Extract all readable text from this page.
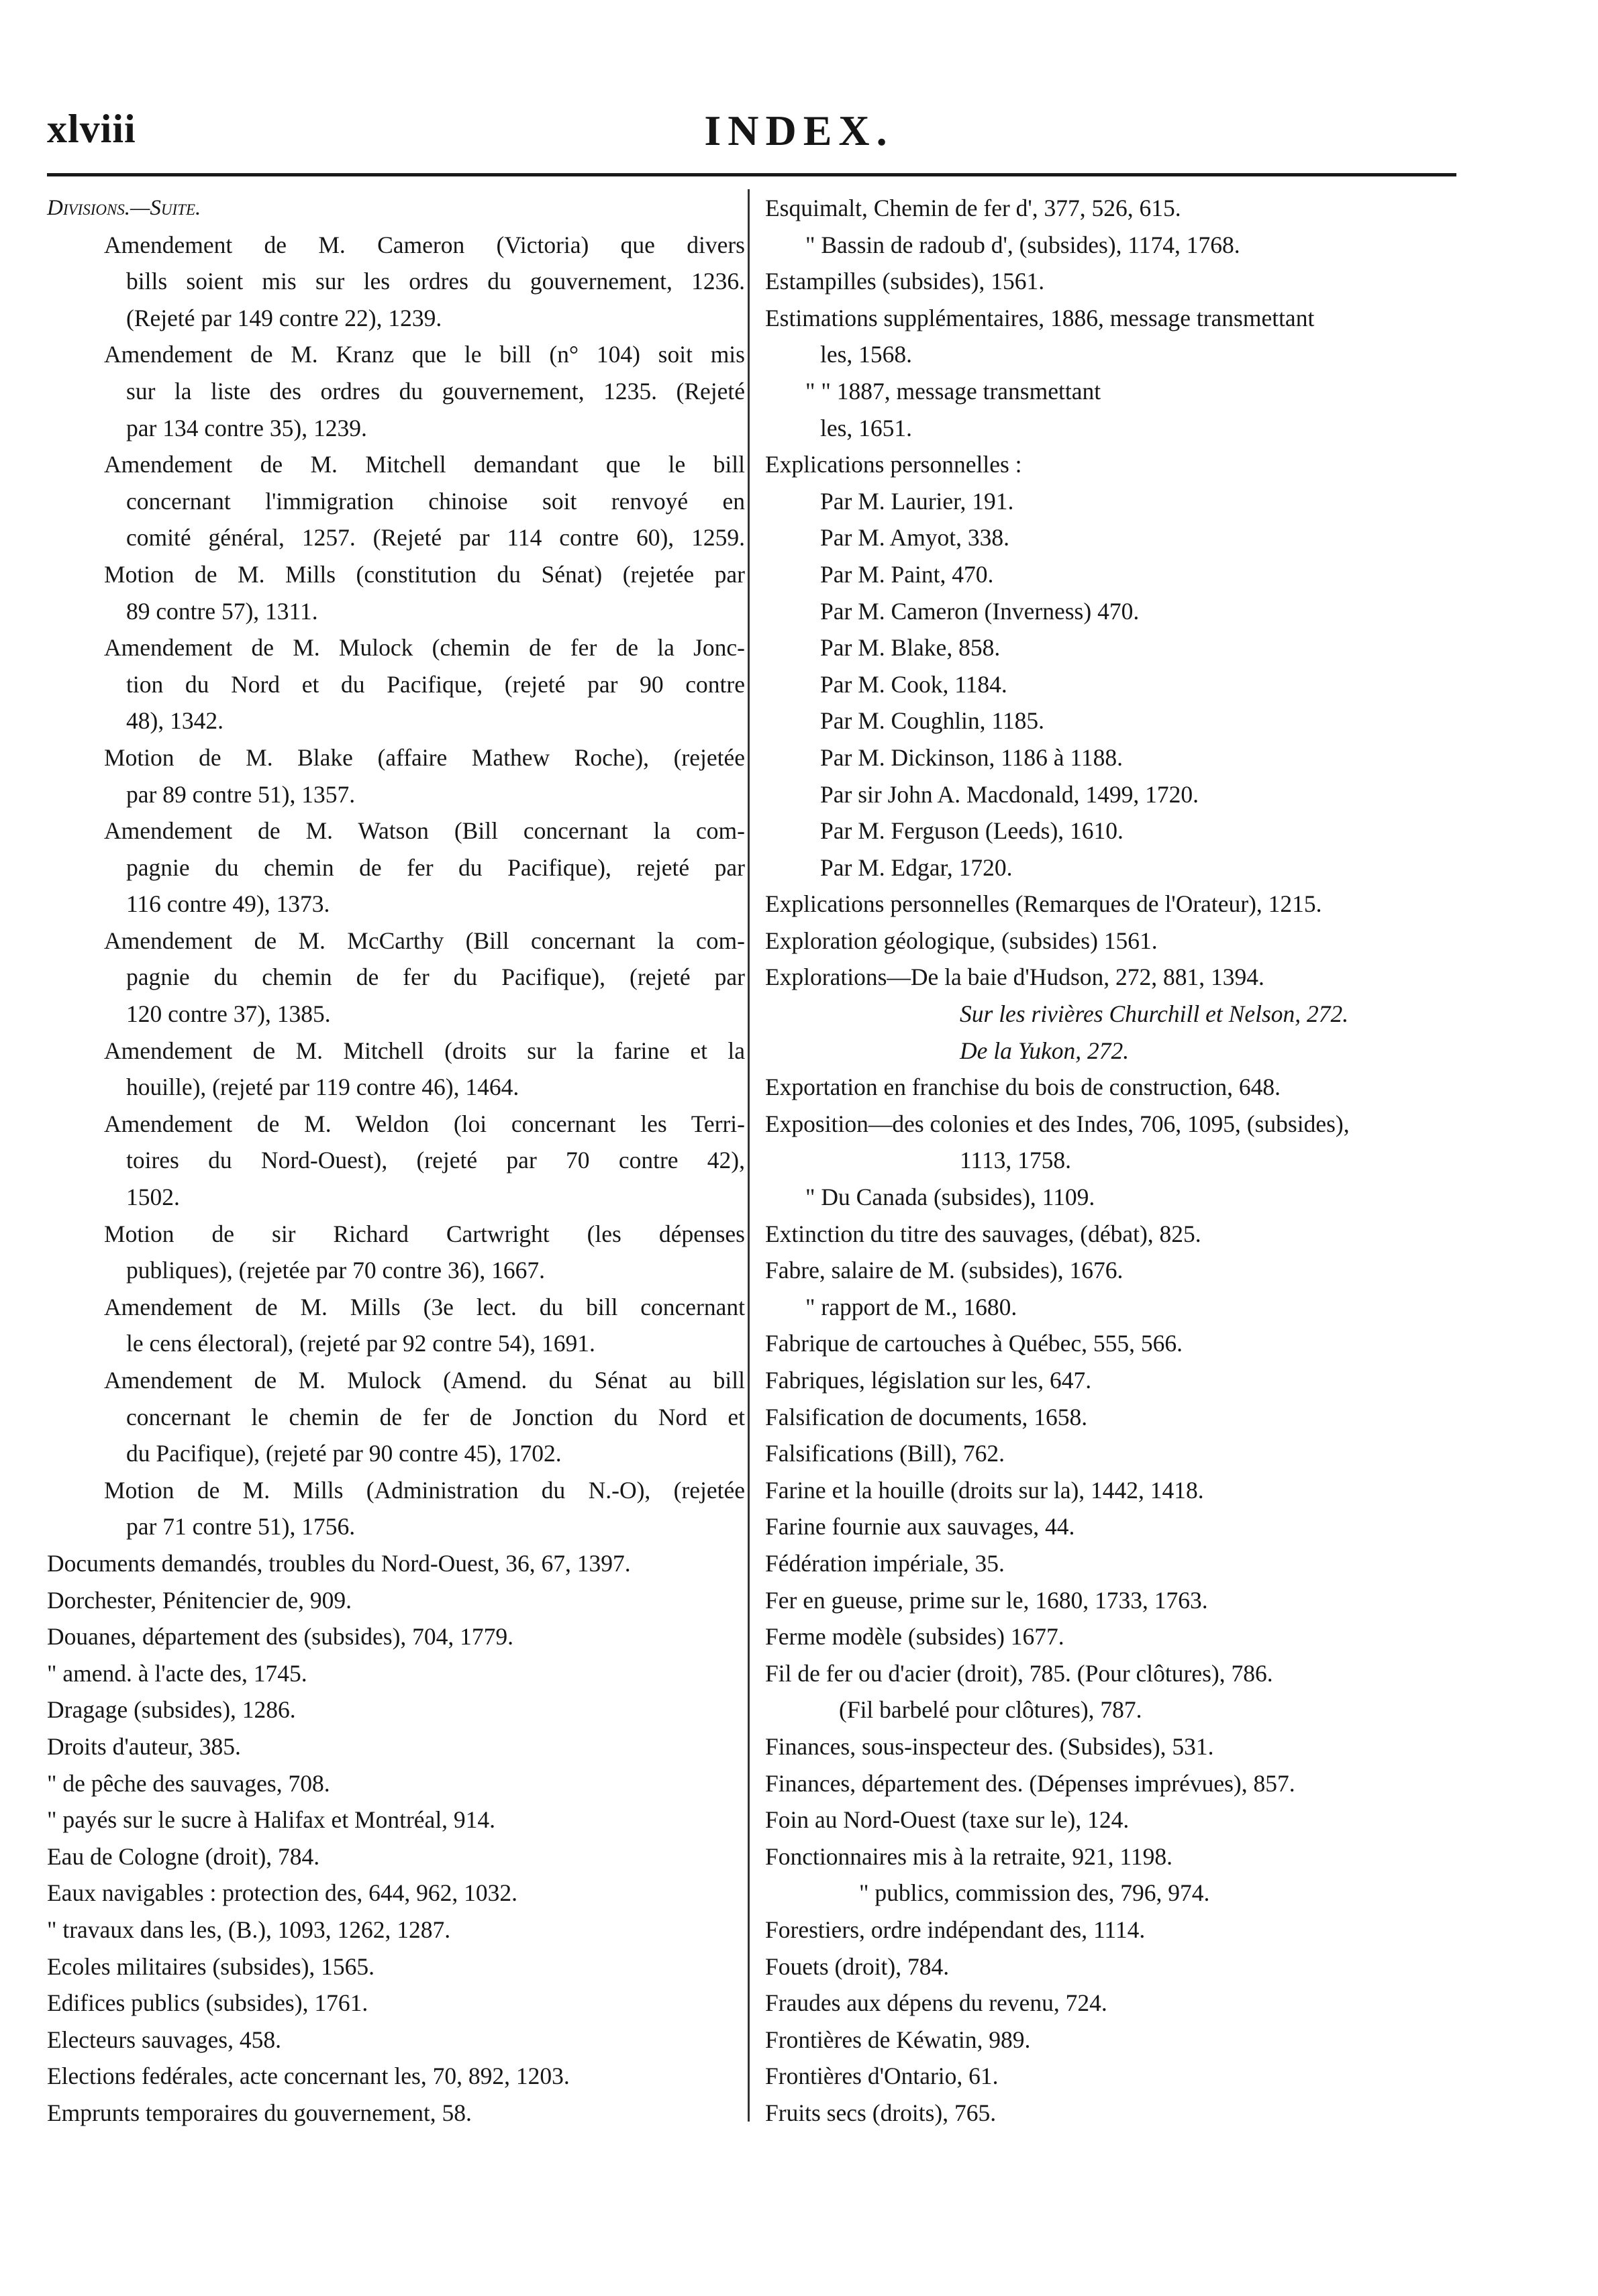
xlviii	INDEX.
Divisions.—Suite.
Amendement de M. Cameron (Victoria) que divers
bills soient mis sur les ordres du gouvernement, 1236.
(Rejeté par 149 contre 22), 1239.
Amendement de M. Kranz que le bill (n° 104) soit mis
sur la liste des ordres du gouvernement, 1235. (Rejeté
par 134 contre 35), 1239.
Amendement de M. Mitchell demandant que le bill
concernant l'immigration chinoise soit renvoyé en
comité général, 1257. (Rejeté par 114 contre 60), 1259.
Motion de M. Mills (constitution du Sénat) (rejetée par
89 contre 57), 1311.
Amendement de M. Mulock (chemin de fer de la Jonc-
tion du Nord et du Pacifique, (rejeté par 90 contre
48), 1342.
Motion de M. Blake (affaire Mathew Roche), (rejetée
par 89 contre 51), 1357.
Amendement de M. Watson (Bill concernant la com-
pagnie du chemin de fer du Pacifique), rejeté par
116 contre 49), 1373.
Amendement de M. McCarthy (Bill concernant la com-
pagnie du chemin de fer du Pacifique), (rejeté par
120 contre 37), 1385.
Amendement de M. Mitchell (droits sur la farine et la
houille), (rejeté par 119 contre 46), 1464.
Amendement de M. Weldon (loi concernant les Terri-
toires du Nord-Ouest), (rejeté par 70 contre 42),
1502.
Motion de sir Richard Cartwright (les dépenses
publiques), (rejetée par 70 contre 36), 1667.
Amendement de M. Mills (3e lect. du bill concernant
le cens électoral), (rejeté par 92 contre 54), 1691.
Amendement de M. Mulock (Amend. du Sénat au bill
concernant le chemin de fer de Jonction du Nord et
du Pacifique), (rejeté par 90 contre 45), 1702.
Motion de M. Mills (Administration du N.-O), (rejetée
par 71 contre 51), 1756.
Documents demandés, troubles du Nord-Ouest, 36, 67, 1397.
Dorchester, Pénitencier de, 909.
Douanes, département des (subsides), 704, 1779.
" amend. à l'acte des, 1745.
Dragage (subsides), 1286.
Droits d'auteur, 385.
" de pêche des sauvages, 708.
" payés sur le sucre à Halifax et Montréal, 914.
Eau de Cologne (droit), 784.
Eaux navigables : protection des, 644, 962, 1032.
" travaux dans les, (B.), 1093, 1262, 1287.
Ecoles militaires (subsides), 1565.
Edifices publics (subsides), 1761.
Electeurs sauvages, 458.
Elections fedérales, acte concernant les, 70, 892, 1203.
Emprunts temporaires du gouvernement, 58.
Esquimalt, Chemin de fer d', 377, 526, 615.
" Bassin de radoub d', (subsides), 1174, 1768.
Estampilles (subsides), 1561.
Estimations supplémentaires, 1886, message transmettant
les, 1568.
" " 1887, message transmettant
les, 1651.
Explications personnelles :
Par M. Laurier, 191.
Par M. Amyot, 338.
Par M. Paint, 470.
Par M. Cameron (Inverness) 470.
Par M. Blake, 858.
Par M. Cook, 1184.
Par M. Coughlin, 1185.
Par M. Dickinson, 1186 à 1188.
Par sir John A. Macdonald, 1499, 1720.
Par M. Ferguson (Leeds), 1610.
Par M. Edgar, 1720.
Explications personnelles (Remarques de l'Orateur), 1215.
Exploration géologique, (subsides) 1561.
Explorations—De la baie d'Hudson, 272, 881, 1394.
Sur les rivières Churchill et Nelson, 272.
De la Yukon, 272.
Exportation en franchise du bois de construction, 648.
Exposition—des colonies et des Indes, 706, 1095, (subsides),
1113, 1758.
" Du Canada (subsides), 1109.
Extinction du titre des sauvages, (débat), 825.
Fabre, salaire de M. (subsides), 1676.
" rapport de M., 1680.
Fabrique de cartouches à Québec, 555, 566.
Fabriques, législation sur les, 647.
Falsification de documents, 1658.
Falsifications (Bill), 762.
Farine et la houille (droits sur la), 1442, 1418.
Farine fournie aux sauvages, 44.
Fédération impériale, 35.
Fer en gueuse, prime sur le, 1680, 1733, 1763.
Ferme modèle (subsides) 1677.
Fil de fer ou d'acier (droit), 785. (Pour clôtures), 786.
(Fil barbelé pour clôtures), 787.
Finances, sous-inspecteur des. (Subsides), 531.
Finances, département des. (Dépenses imprévues), 857.
Foin au Nord-Ouest (taxe sur le), 124.
Fonctionnaires mis à la retraite, 921, 1198.
" publics, commission des, 796, 974.
Forestiers, ordre indépendant des, 1114.
Fouets (droit), 784.
Fraudes aux dépens du revenu, 724.
Frontières de Kéwatin, 989.
Frontières d'Ontario, 61.
Fruits secs (droits), 765.
